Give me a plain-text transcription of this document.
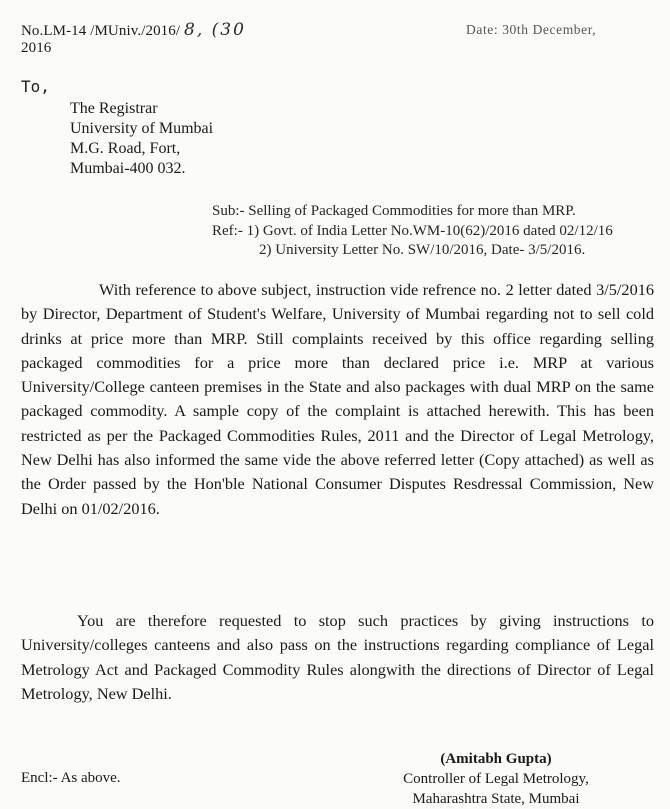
No.LM-14 /MUniv./2016/ 8, (30
2016
Date: 30th December,
To,
The Registrar
University of Mumbai
M.G. Road, Fort,
Mumbai-400 032.
Sub:- Selling of Packaged Commodities for more than MRP.
Ref:- 1) Govt. of India Letter No.WM-10(62)/2016 dated 02/12/16
2) University Letter No. SW/10/2016, Date- 3/5/2016.
With reference to above subject, instruction vide refrence no. 2 letter dated 3/5/2016 by Director, Department of Student's Welfare, University of Mumbai regarding not to sell cold drinks at price more than MRP. Still complaints received by this office regarding selling packaged commodities for a price more than declared price i.e. MRP at various University/College canteen premises in the State and also packages with dual MRP on the same packaged commodity. A sample copy of the complaint is attached herewith. This has been restricted as per the Packaged Commodities Rules, 2011 and the Director of Legal Metrology, New Delhi has also informed the same vide the above referred letter (Copy attached) as well as the Order passed by the Hon'ble National Consumer Disputes Resdressal Commission, New Delhi on 01/02/2016.
You are therefore requested to stop such practices by giving instructions to University/colleges canteens and also pass on the instructions regarding compliance of Legal Metrology Act and Packaged Commodity Rules alongwith the directions of Director of Legal Metrology, New Delhi.
Encl:- As above.
(Amitabh Gupta)
Controller of Legal Metrology,
Maharashtra State, Mumbai
